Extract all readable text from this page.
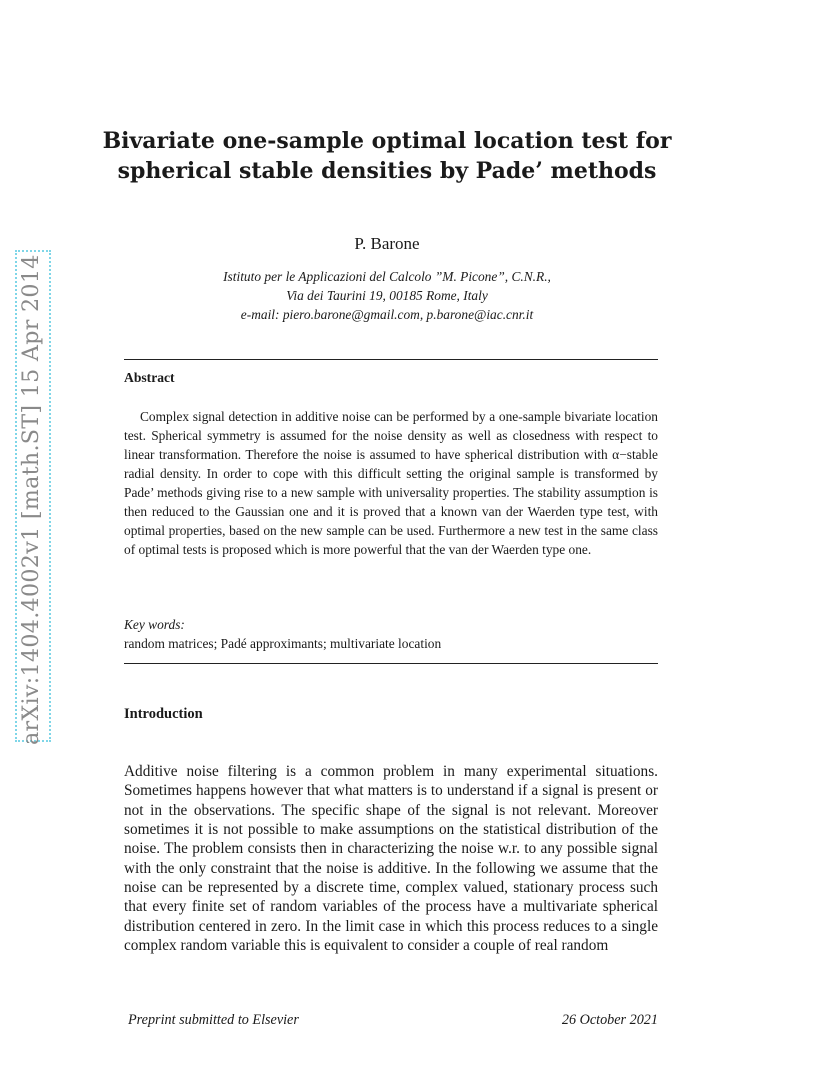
arXiv:1404.4002v1 [math.ST] 15 Apr 2014
Bivariate one-sample optimal location test for spherical stable densities by Pade’ methods
P. Barone
Istituto per le Applicazioni del Calcolo ”M. Picone”, C.N.R.,
Via dei Taurini 19, 00185 Rome, Italy
e-mail: piero.barone@gmail.com, p.barone@iac.cnr.it
Abstract

Complex signal detection in additive noise can be performed by a one-sample bivariate location test. Spherical symmetry is assumed for the noise density as well as closedness with respect to linear transformation. Therefore the noise is assumed to have spherical distribution with α−stable radial density. In order to cope with this difficult setting the original sample is transformed by Pade’ methods giving rise to a new sample with universality properties. The stability assumption is then reduced to the Gaussian one and it is proved that a known van der Waerden type test, with optimal properties, based on the new sample can be used. Furthermore a new test in the same class of optimal tests is proposed which is more powerful that the van der Waerden type one.

Key words:
random matrices; Padé approximants; multivariate location
Introduction

Additive noise filtering is a common problem in many experimental situations. Sometimes happens however that what matters is to understand if a signal is present or not in the observations. The specific shape of the signal is not relevant. Moreover sometimes it is not possible to make assumptions on the statistical distribution of the noise. The problem consists then in characterizing the noise w.r. to any possible signal with the only constraint that the noise is additive. In the following we assume that the noise can be represented by a discrete time, complex valued, stationary process such that every finite set of random variables of the process have a multivariate spherical distribution centered in zero. In the limit case in which this process reduces to a single complex random variable this is equivalent to consider a couple of real random

Preprint submitted to Elsevier	26 October 2021
